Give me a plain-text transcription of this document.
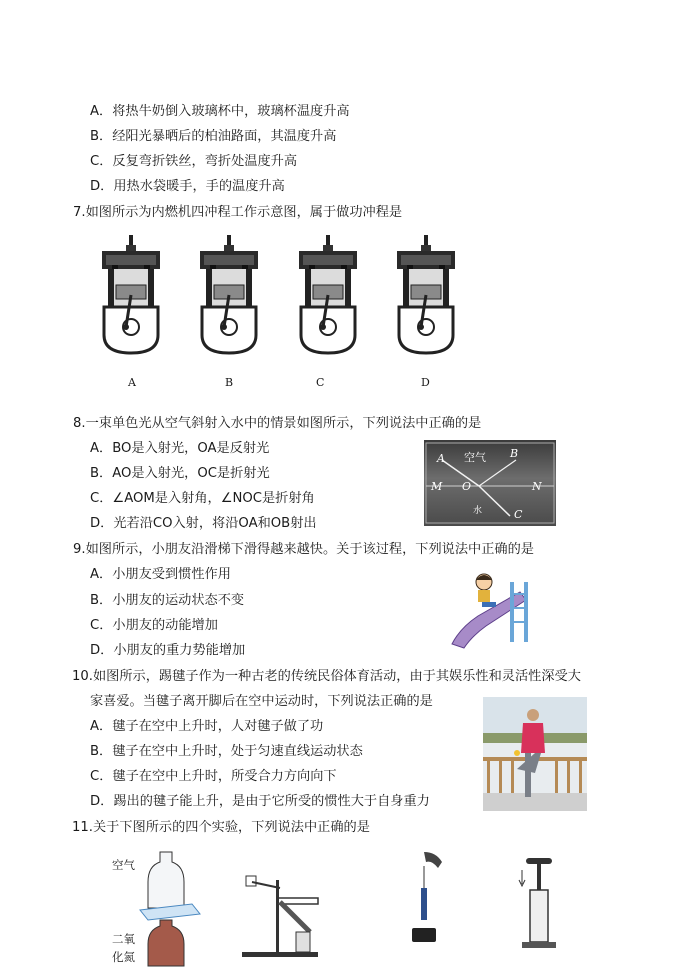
A．将热牛奶倒入玻璃杯中，玻璃杯温度升高
B．经阳光暴晒后的柏油路面，其温度升高
C．反复弯折铁丝，弯折处温度升高
D．用热水袋暖手，手的温度升高
7.如图所示为内燃机四冲程工作示意图，属于做功冲程是
A	B	C	D
8.一束单色光从空气斜射入水中的情景如图所示，下列说法中正确的是
A．BO是入射光，OA是反射光
B．AO是入射光，OC是折射光
C．∠AOM是入射角，∠NOC是折射角
D．光若沿CO入射，将沿OA和OB射出
A 空气 B
M O	N
水	C
9.如图所示，小朋友沿滑梯下滑得越来越快。关于该过程，下列说法中正确的是
A．小朋友受到惯性作用
B．小朋友的运动状态不变
C．小朋友的动能增加
D．小朋友的重力势能增加
10.如图所示，踢毽子作为一种古老的传统民俗体育活动，由于其娱乐性和灵活性深受大
家喜爱。当毽子离开脚后在空中运动时，下列说法正确的是
A．毽子在空中上升时，人对毽子做了功
B．毽子在空中上升时，处于匀速直线运动状态
C．毽子在空中上升时，所受合力方向向下
D．踢出的毽子能上升，是由于它所受的惯性大于自身重力
11.关于下图所示的四个实验，下列说法中正确的是
空气
二氧
化氮
